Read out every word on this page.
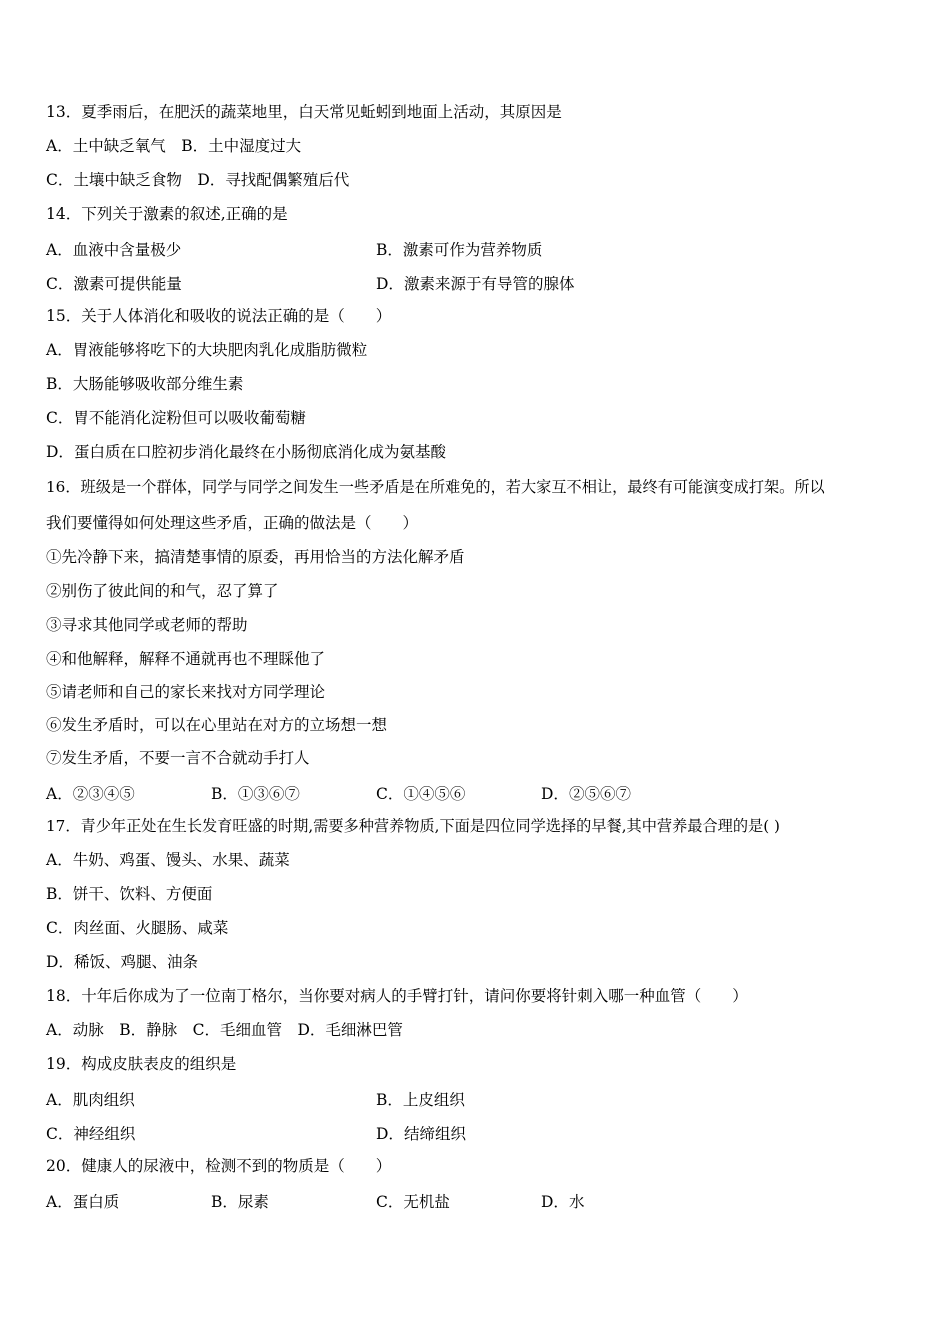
13．夏季雨后，在肥沃的蔬菜地里，白天常见蚯蚓到地面上活动，其原因是
A．土中缺乏氧气　B．土中湿度过大
C．土壤中缺乏食物　D．寻找配偶繁殖后代
14．下列关于激素的叙述,正确的是
A．血液中含量极少	B．激素可作为营养物质
C．激素可提供能量	D．激素来源于有导管的腺体
15．关于人体消化和吸收的说法正确的是（　　）
A．胃液能够将吃下的大块肥肉乳化成脂肪微粒
B．大肠能够吸收部分维生素
C．胃不能消化淀粉但可以吸收葡萄糖
D．蛋白质在口腔初步消化最终在小肠彻底消化成为氨基酸
16．班级是一个群体，同学与同学之间发生一些矛盾是在所难免的，若大家互不相让，最终有可能演变成打架。所以
我们要懂得如何处理这些矛盾，正确的做法是（　　）
①先冷静下来，搞清楚事情的原委，再用恰当的方法化解矛盾
②别伤了彼此间的和气，忍了算了
③寻求其他同学或老师的帮助
④和他解释，解释不通就再也不理睬他了
⑤请老师和自己的家长来找对方同学理论
⑥发生矛盾时，可以在心里站在对方的立场想一想
⑦发生矛盾，不要一言不合就动手打人
A．②③④⑤	B．①③⑥⑦	C．①④⑤⑥	D．②⑤⑥⑦
17．青少年正处在生长发育旺盛的时期,需要多种营养物质,下面是四位同学选择的早餐,其中营养最合理的是( )
A．牛奶、鸡蛋、馒头、水果、蔬菜
B．饼干、饮料、方便面
C．肉丝面、火腿肠、咸菜
D．稀饭、鸡腿、油条
18．十年后你成为了一位南丁格尔，当你要对病人的手臂打针，请问你要将针刺入哪一种血管（　　）
A．动脉　B．静脉　C．毛细血管　D．毛细淋巴管
19．构成皮肤表皮的组织是
A．肌肉组织	B．上皮组织
C．神经组织	D．结缔组织
20．健康人的尿液中，检测不到的物质是（　　）
A．蛋白质	B．尿素	C．无机盐	D．水
